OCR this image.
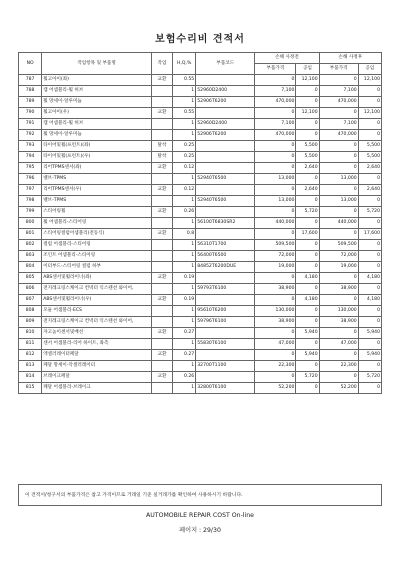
보험수리비 견적서
NO	작업항목 및 부품명	작업	H,Q,%	부품코드	손해 사정전		손해 사정후	
					부품가격	공임	부품가격	공임
787	휠고아이(좌)	교환	0.55		0	12,100	0	12,100
788	캡 어셈블리-휠 허브		1	52960D2400	7,100	0	7,100	0
789	휠 망세이-알루미늄		1	52906T6200	470,000	0	470,000	0
790	휠고아이(우)	교환	0.55		0	12,100	0	12,100
791	캡 어셈블리-휠 허브		1	52960D2400	7,100	0	7,100	0
792	휠 망세이-알루미늄		1	52906T6200	470,000	0	470,000	0
793	타이어및휠(프런트)(좌)	탈착	0.25		0	5,500	0	5,500
794	타이어및휠(프런트)(우)	탈착	0.25		0	5,500	0	5,500
795	리어TPMS센서(좌)	교환	0.12		0	2,640	0	2,640
796	밸브-TPMS		1	52940T6500	13,000	0	13,000	0
797	리어TPMS센서(우)	교환	0.12		0	2,640	0	2,640
798	밸브-TPMS		1	52940T6500	13,000	0	13,000	0
799	스티어링휠	교환	0.26		0	5,720	0	5,720
800	휠 어셈블리-스티어링		1	56100T6830SR2	440,000	0	440,000	0
801	스티어링컬럼어셈블리(전동식)	교환	0.8		0	17,600	0	17,600
802	컬럼 어셈블리-스티어링		1	56310T1700	509,500	0	509,500	0
803	조인트 어셈블리-스티어링		1	56400T6500	72,000	0	72,000	0
804	이터부드-스티어링 컬럼 하부		1	84852T6200DUE	19,000	0	19,000	0
805	ABS센서및휠라이너(좌)	교환	0.19		0	4,180	0	4,180
806	전지레크링스케이크 컨넥터 익스텐션 와이어,		1	59793T6100	38,900	0	38,900	0
807	ABS센서및휠라이너(우)	교환	0.19		0	4,180	0	4,180
808	모듈 어셈블리-ECS		1	95610T6200	130,000	0	130,000	0
809	전지레크링스케이크 컨넥터 익스텐션 와이어,		1	59796T6100	38,900	0	38,900	0
810	자고높이센서및배선	교환	0.27		0	5,940	0	5,940
811	센서 어셈블리-리어 하이트, 좌측		1	55830T6100	47,000	0	47,000	0
812	엑셀러레이터페달	교환	0.27		0	5,940	0	5,940
813	페달 망세이-악셀러레이터		1	32700T1100	22,300	0	22,300	0
814	브레이크페달	교환	0.26		0	5,720	0	5,720
815	페달 어셈블리-브레이크		1	32800T6100	52,200	0	52,200	0
이 견적서/청구서의 부품가격은 참고 가격이므로 거래일 기준 실거래가를 확인하여 사용하시기 바랍니다.
AUTOMOBILE REPAIR COST On-line
페이지 : 29/30
